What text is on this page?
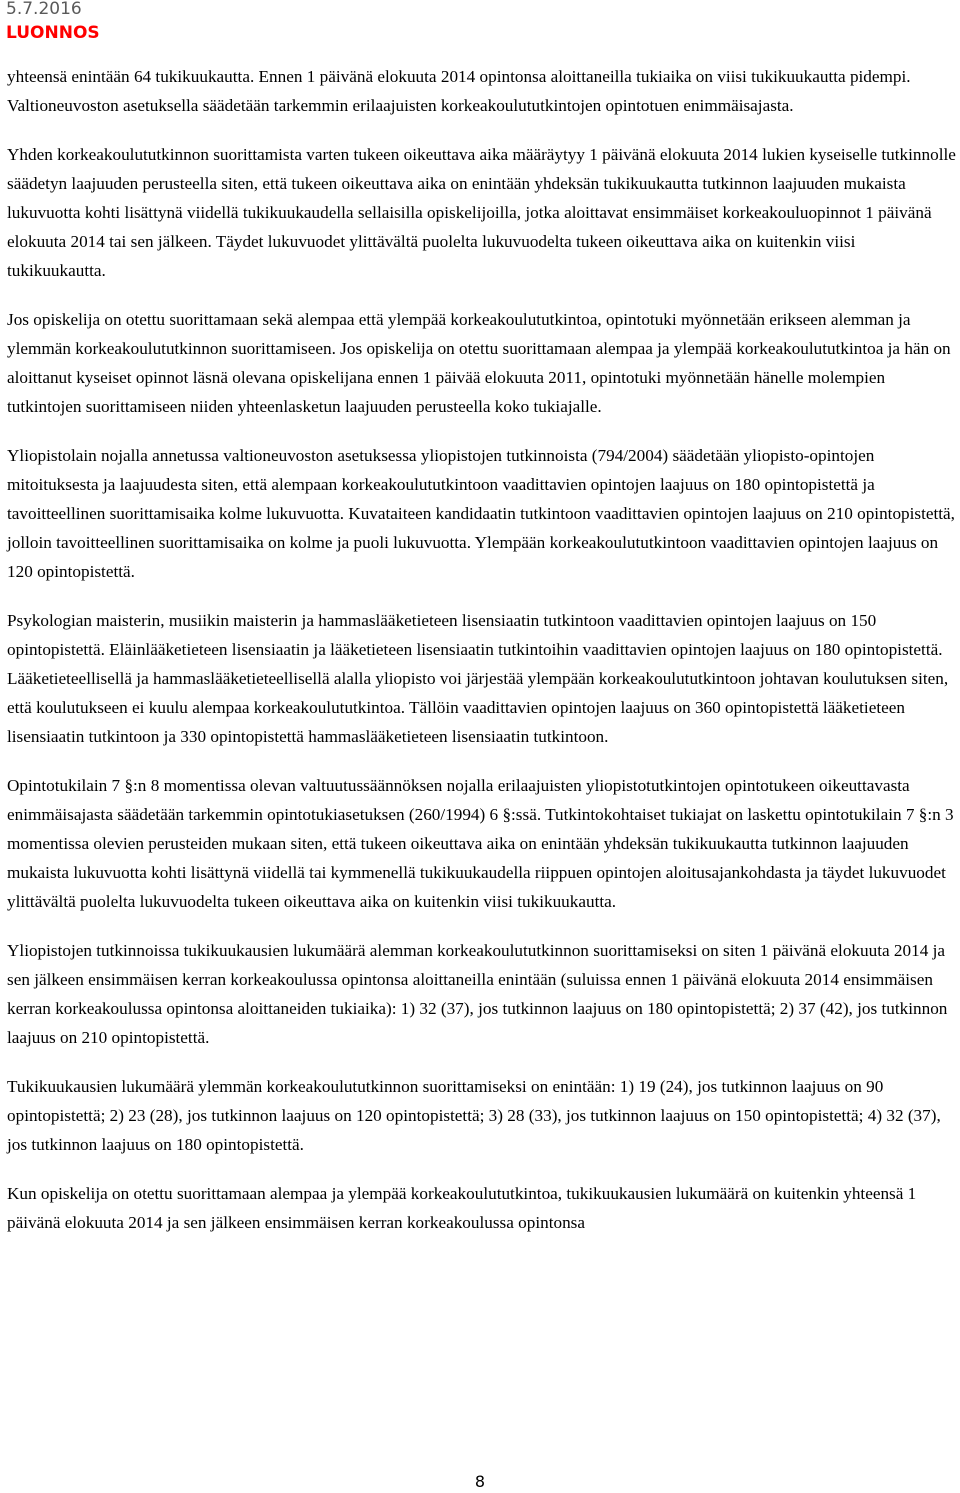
5.7.2016
LUONNOS

yhteensä enintään 64 tukikuukautta. Ennen 1 päivänä elokuuta 2014 opintonsa aloittaneilla tukiaika on viisi tukikuukautta pidempi. Valtioneuvoston asetuksella säädetään tarkemmin erilaajuisten korkeakoulututkintojen opintotuen enimmäisajasta.

Yhden korkeakoulututkinnon suorittamista varten tukeen oikeuttava aika määräytyy 1 päivänä elokuuta 2014 lukien kyseiselle tutkinnolle säädetyn laajuuden perusteella siten, että tukeen oikeuttava aika on enintään yhdeksän tukikuukautta tutkinnon laajuuden mukaista lukuvuotta kohti lisättynä viidellä tukikuukaudella sellaisilla opiskelijoilla, jotka aloittavat ensimmäiset korkeakouluopinnot 1 päivänä elokuuta 2014 tai sen jälkeen. Täydet lukuvuodet ylittävältä puolelta lukuvuodelta tukeen oikeuttava aika on kuitenkin viisi tukikuukautta.

Jos opiskelija on otettu suorittamaan sekä alempaa että ylempää korkeakoulututkintoa, opintotuki myönnetään erikseen alemman ja ylemmän korkeakoulututkinnon suorittamiseen. Jos opiskelija on otettu suorittamaan alempaa ja ylempää korkeakoulututkintoa ja hän on aloittanut kyseiset opinnot läsnä olevana opiskelijana ennen 1 päivää elokuuta 2011, opintotuki myönnetään hänelle molempien tutkintojen suorittamiseen niiden yhteenlasketun laajuuden perusteella koko tukiajalle.

Yliopistolain nojalla annetussa valtioneuvoston asetuksessa yliopistojen tutkinnoista (794/2004) säädetään yliopisto-opintojen mitoituksesta ja laajuudesta siten, että alempaan korkeakoulututkintoon vaadittavien opintojen laajuus on 180 opintopistettä ja tavoitteellinen suorittamisaika kolme lukuvuotta. Kuvataiteen kandidaatin tutkintoon vaadittavien opintojen laajuus on 210 opintopistettä, jolloin tavoitteellinen suorittamisaika on kolme ja puoli lukuvuotta. Ylempään korkeakoulututkintoon vaadittavien opintojen laajuus on 120 opintopistettä.

Psykologian maisterin, musiikin maisterin ja hammaslääketieteen lisensiaatin tutkintoon vaadittavien opintojen laajuus on 150 opintopistettä. Eläinlääketieteen lisensiaatin ja lääketieteen lisensiaatin tutkintoihin vaadittavien opintojen laajuus on 180 opintopistettä. Lääketieteellisellä ja hammaslääketieteellisellä alalla yliopisto voi järjestää ylempään korkeakoulututkintoon johtavan koulutuksen siten, että koulutukseen ei kuulu alempaa korkeakoulututkintoa. Tällöin vaadittavien opintojen laajuus on 360 opintopistettä lääketieteen lisensiaatin tutkintoon ja 330 opintopistettä hammaslääketieteen lisensiaatin tutkintoon.

Opintotukilain 7 §:n 8 momentissa olevan valtuutussäännöksen nojalla erilaajuisten yliopistotutkintojen opintotukeen oikeuttavasta enimmäisajasta säädetään tarkemmin opintotukiasetuksen (260/1994) 6 §:ssä. Tutkintokohtaiset tukiajat on laskettu opintotukilain 7 §:n 3 momentissa olevien perusteiden mukaan siten, että tukeen oikeuttava aika on enintään yhdeksän tukikuukautta tutkinnon laajuuden mukaista lukuvuotta kohti lisättynä viidellä tai kymmenellä tukikuukaudella riippuen opintojen aloitusajankohdasta ja täydet lukuvuodet ylittävältä puolelta lukuvuodelta tukeen oikeuttava aika on kuitenkin viisi tukikuukautta.

Yliopistojen tutkinnoissa tukikuukausien lukumäärä alemman korkeakoulututkinnon suorittamiseksi on siten 1 päivänä elokuuta 2014 ja sen jälkeen ensimmäisen kerran korkeakoulussa opintonsa aloittaneilla enintään (suluissa ennen 1 päivänä elokuuta 2014 ensimmäisen kerran korkeakoulussa opintonsa aloittaneiden tukiaika): 1) 32 (37), jos tutkinnon laajuus on 180 opintopistettä; 2) 37 (42), jos tutkinnon laajuus on 210 opintopistettä.

Tukikuukausien lukumäärä ylemmän korkeakoulututkinnon suorittamiseksi on enintään: 1) 19 (24), jos tutkinnon laajuus on 90 opintopistettä; 2) 23 (28), jos tutkinnon laajuus on 120 opintopistettä; 3) 28 (33), jos tutkinnon laajuus on 150 opintopistettä; 4) 32 (37), jos tutkinnon laajuus on 180 opintopistettä.

Kun opiskelija on otettu suorittamaan alempaa ja ylempää korkeakoulututkintoa, tukikuukausien lukumäärä on kuitenkin yhteensä 1 päivänä elokuuta 2014 ja sen jälkeen ensimmäisen kerran korkeakoulussa opintonsa

8
